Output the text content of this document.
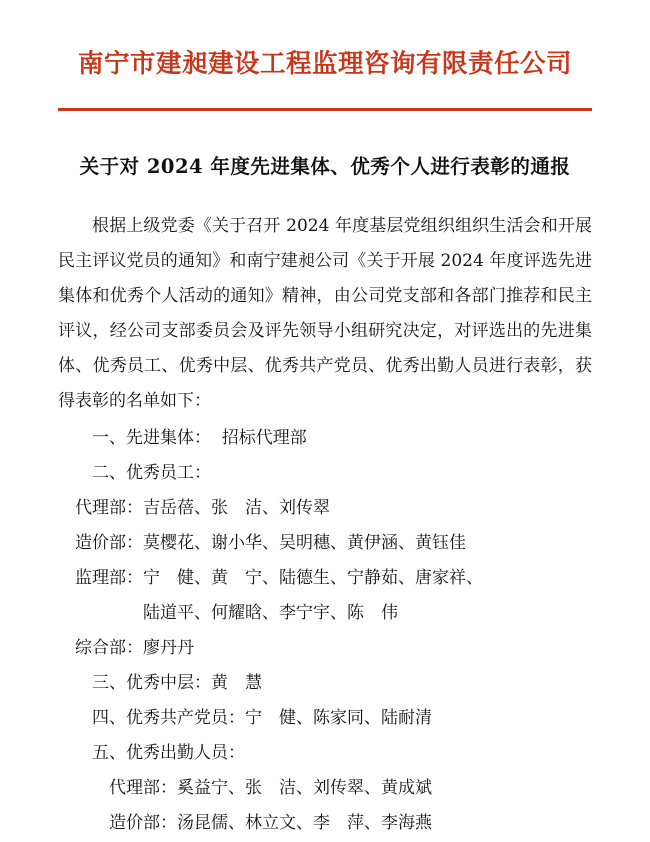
南宁市建昶建设工程监理咨询有限责任公司
关于对 2024 年度先进集体、优秀个人进行表彰的通报

根据上级党委《关于召开 2024 年度基层党组织组织生活会和开展民主评议党员的通知》和南宁建昶公司《关于开展 2024 年度评选先进集体和优秀个人活动的通知》精神，由公司党支部和各部门推荐和民主评议，经公司支部委员会及评先领导小组研究决定，对评选出的先进集体、优秀员工、优秀中层、优秀共产党员、优秀出勤人员进行表彰，获得表彰的名单如下：

一、先进集体：  招标代理部

二、优秀员工：

代理部：吉岳蓓、张　洁、刘传翠

造价部：莫樱花、谢小华、吴明穗、黄伊涵、黄钰佳

监理部：宁　健、黄　宁、陆德生、宁静茹、唐家祥、

陆道平、何耀晗、李宁宇、陈　伟

综合部：廖丹丹

三、优秀中层：黄　慧

四、优秀共产党员：宁　健、陈家同、陆耐清

五、优秀出勤人员：

代理部：奚益宁、张　洁、刘传翠、黄成斌

造价部：汤昆儒、林立文、李　萍、李海燕
